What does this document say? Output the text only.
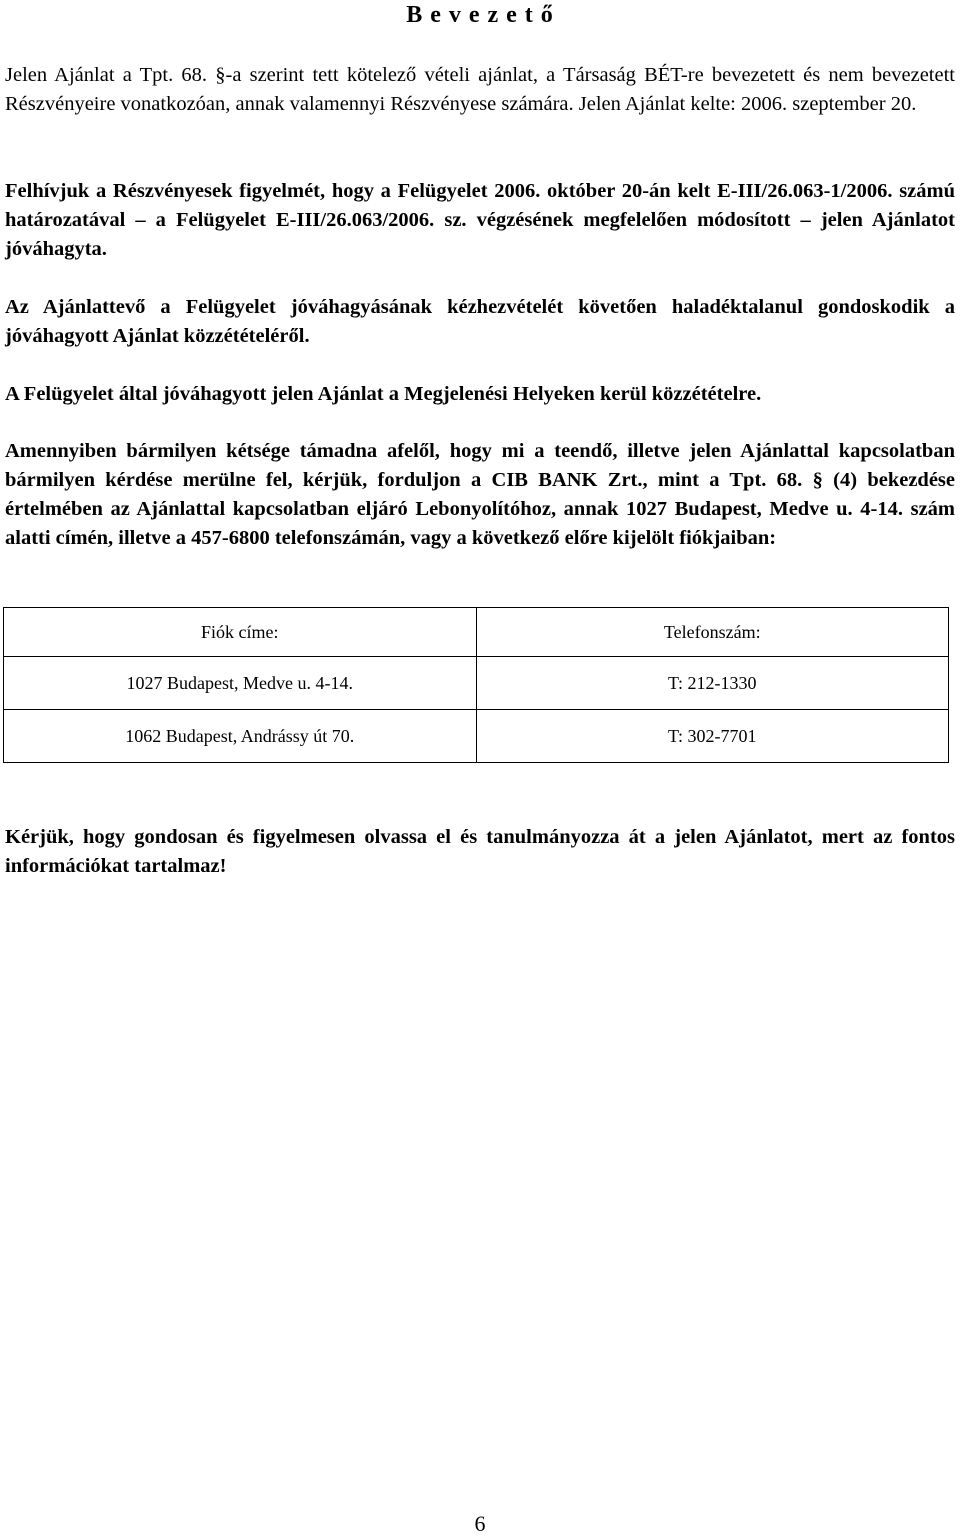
B e v e z e t ő

Jelen Ajánlat a Tpt. 68. §-a szerint tett kötelező vételi ajánlat, a Társaság BÉT-re bevezetett és nem bevezetett Részvényeire vonatkozóan, annak valamennyi Részvényese számára. Jelen Ajánlat kelte: 2006. szeptember 20.

Felhívjuk a Részvényesek figyelmét, hogy a Felügyelet 2006. október 20-án kelt E-III/26.063-1/2006. számú határozatával – a Felügyelet E-III/26.063/2006. sz. végzésének megfelelően módosított – jelen Ajánlatot jóváhagyta.

Az Ajánlattevő a Felügyelet jóváhagyásának kézhezvételét követően haladéktalanul gondoskodik a jóváhagyott Ajánlat közzétételéről.

A Felügyelet által jóváhagyott jelen Ajánlat a Megjelenési Helyeken kerül közzétételre.

Amennyiben bármilyen kétsége támadna afelől, hogy mi a teendő, illetve jelen Ajánlattal kapcsolatban bármilyen kérdése merülne fel, kérjük, forduljon a CIB BANK Zrt., mint a Tpt. 68. § (4) bekezdése értelmében az Ajánlattal kapcsolatban eljáró Lebonyolítóhoz, annak 1027 Budapest, Medve u. 4-14. szám alatti címén, illetve a 457-6800 telefonszámán, vagy a következő előre kijelölt fiókjaiban:

Fiók címe:	Telefonszám:
1027 Budapest, Medve u. 4-14.	T: 212-1330
1062 Budapest, Andrássy út 70.	T: 302-7701

Kérjük, hogy gondosan és figyelmesen olvassa el és tanulmányozza át a jelen Ajánlatot, mert az fontos információkat tartalmaz!

6
